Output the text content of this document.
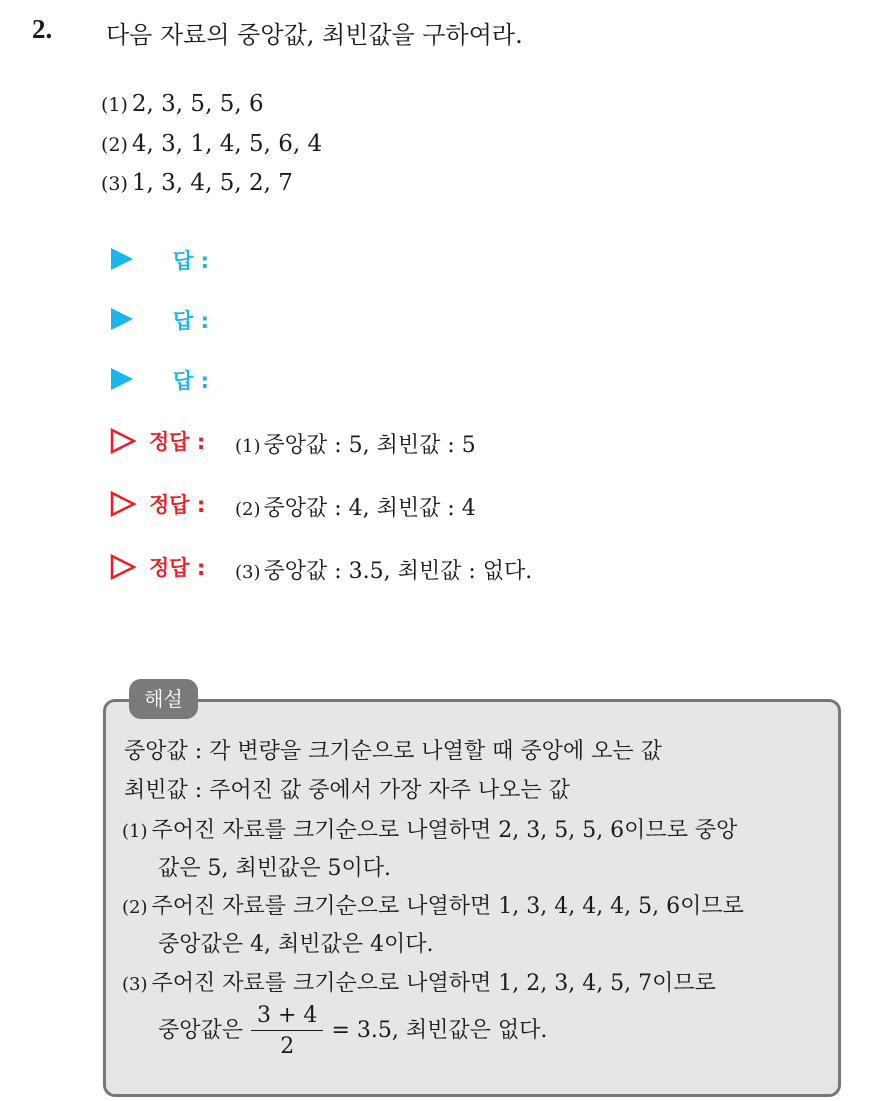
2. 다음 자료의 중앙값, 최빈값을 구하여라.
(1) 2, 3, 5, 5, 6
(2) 4, 3, 1, 4, 5, 6, 4
(3) 1, 3, 4, 5, 2, 7
답 :
답 :
답 :
정답 : (1) 중앙값 : 5, 최빈값 : 5
정답 : (2) 중앙값 : 4, 최빈값 : 4
정답 : (3) 중앙값 : 3.5, 최빈값 : 없다.
해설
중앙값 : 각 변량을 크기순으로 나열할 때 중앙에 오는 값
최빈값 : 주어진 값 중에서 가장 자주 나오는 값
(1) 주어진 자료를 크기순으로 나열하면 2, 3, 5, 5, 6이므로 중앙
값은 5, 최빈값은 5이다.
(2) 주어진 자료를 크기순으로 나열하면 1, 3, 4, 4, 4, 5, 6이므로
중앙값은 4, 최빈값은 4이다.
(3) 주어진 자료를 크기순으로 나열하면 1, 2, 3, 4, 5, 7이므로
중앙값은 $\frac{3 + 4}{2} = 3.5$, 최빈값은 없다.
